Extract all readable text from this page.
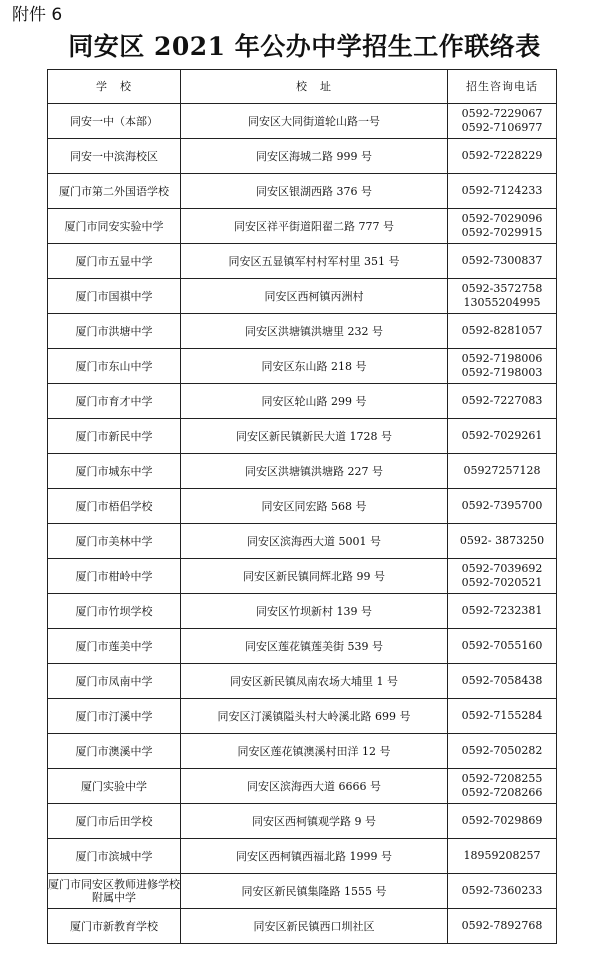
附件 6
同安区 2021 年公办中学招生工作联络表
学　校	校　址	招生咨询电话
同安一中（本部）	同安区大同街道轮山路一号	0592-7229067
0592-7106977

同安一中滨海校区	同安区海城二路 999 号	0592-7228229

厦门市第二外国语学校	同安区银湖西路 376 号	0592-7124233

厦门市同安实验中学	同安区祥平街道阳翟二路 777 号	0592-7029096
0592-7029915

厦门市五显中学	同安区五显镇军村村军村里 351 号	0592-7300837

厦门市国祺中学	同安区西柯镇丙洲村	0592-3572758
13055204995

厦门市洪塘中学	同安区洪塘镇洪塘里 232 号	0592-8281057

厦门市东山中学	同安区东山路 218 号	0592-7198006
0592-7198003

厦门市育才中学	同安区轮山路 299 号	0592-7227083

厦门市新民中学	同安区新民镇新民大道 1728 号	0592-7029261

厦门市城东中学	同安区洪塘镇洪塘路 227 号	05927257128

厦门市梧侣学校	同安区同宏路 568 号	0592-7395700

厦门市美林中学	同安区滨海西大道 5001 号	0592- 3873250

厦门市柑岭中学	同安区新民镇同辉北路 99 号	0592-7039692
0592-7020521

厦门市竹坝学校	同安区竹坝新村 139 号	0592-7232381

厦门市莲美中学	同安区莲花镇莲美街 539 号	0592-7055160

厦门市凤南中学	同安区新民镇凤南农场大埔里 1 号	0592-7058438

厦门市汀溪中学	同安区汀溪镇隘头村大岭溪北路 699 号	0592-7155284

厦门市澳溪中学	同安区莲花镇澳溪村田洋 12 号	0592-7050282

厦门实验中学	同安区滨海西大道 6666 号	0592-7208255
0592-7208266

厦门市后田学校	同安区西柯镇观学路 9 号	0592-7029869

厦门市滨城中学	同安区西柯镇西福北路 1999 号	18959208257

厦门市同安区教师进修学校附属中学	同安区新民镇集隆路 1555 号	0592-7360233

厦门市新教育学校	同安区新民镇西口圳社区	0592-7892768
